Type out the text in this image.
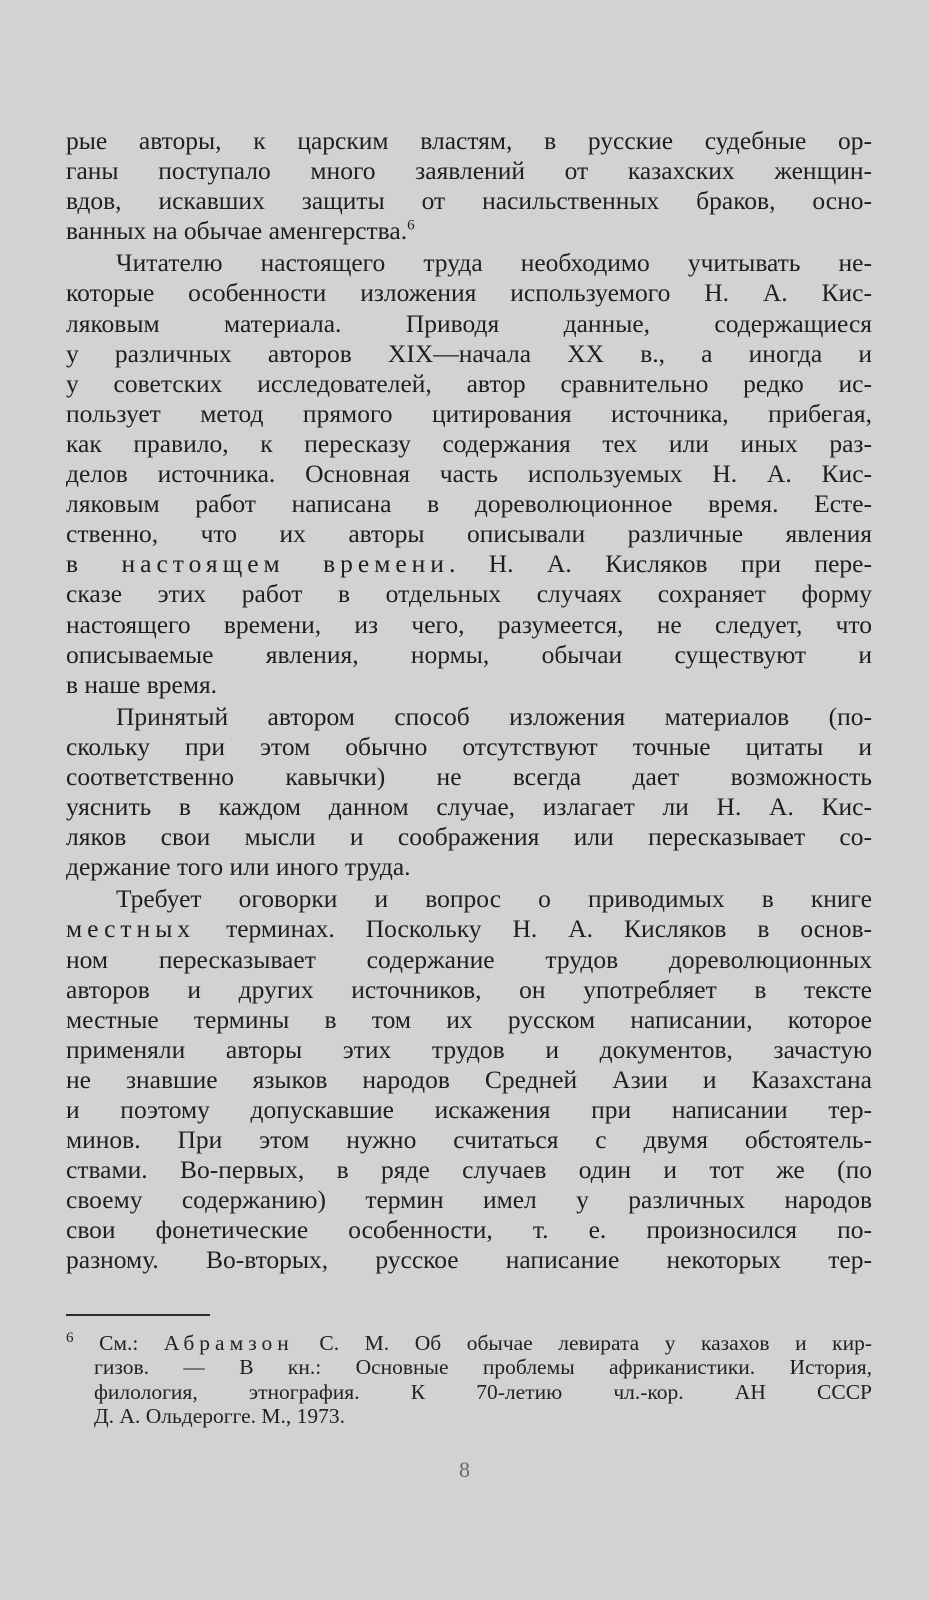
рые авторы, к царским властям, в русские судебные ор-
ганы поступало много заявлений от казахских женщин-
вдов, искавших защиты от насильственных браков, осно-
ванных на обычае аменгерства.$^6$
Читателю настоящего труда необходимо учитывать не-
которые особенности изложения используемого Н. А. Кис-
ляковым материала. Приводя данные, содержащиеся
у различных авторов XIX—начала XX в., а иногда и
у советских исследователей, автор сравнительно редко ис-
пользует метод прямого цитирования источника, прибегая,
как правило, к пересказу содержания тех или иных раз-
делов источника. Основная часть используемых Н. А. Кис-
ляковым работ написана в дореволюционное время. Есте-
ственно, что их авторы описывали различные явления
в настоящем времени. Н. А. Кисляков при пере-
сказе этих работ в отдельных случаях сохраняет форму
настоящего времени, из чего, разумеется, не следует, что
описываемые явления, нормы, обычаи существуют и
в наше время.
Принятый автором способ изложения материалов (по-
скольку при этом обычно отсутствуют точные цитаты и
соответственно кавычки) не всегда дает возможность
уяснить в каждом данном случае, излагает ли Н. А. Кис-
ляков свои мысли и соображения или пересказывает со-
держание того или иного труда.
Требует оговорки и вопрос о приводимых в книге
местных терминах. Поскольку Н. А. Кисляков в основ-
ном пересказывает содержание трудов дореволюционных
авторов и других источников, он употребляет в тексте
местные термины в том их русском написании, которое
применяли авторы этих трудов и документов, зачастую
не знавшие языков народов Средней Азии и Казахстана
и поэтому допускавшие искажения при написании тер-
минов. При этом нужно считаться с двумя обстоятель-
ствами. Во-первых, в ряде случаев один и тот же (по
своему содержанию) термин имел у различных народов
свои фонетические особенности, т. е. произносился по-
разному. Во-вторых, русское написание некоторых тер-
$^6$ См.: Абрамзон С. М. Об обычае левирата у казахов и кир-
гизов. — В кн.: Основные проблемы африканистики. История,
филология, этнография. К 70-летию чл.-кор. АН СССР
Д. А. Ольдерогге. М., 1973.
8
